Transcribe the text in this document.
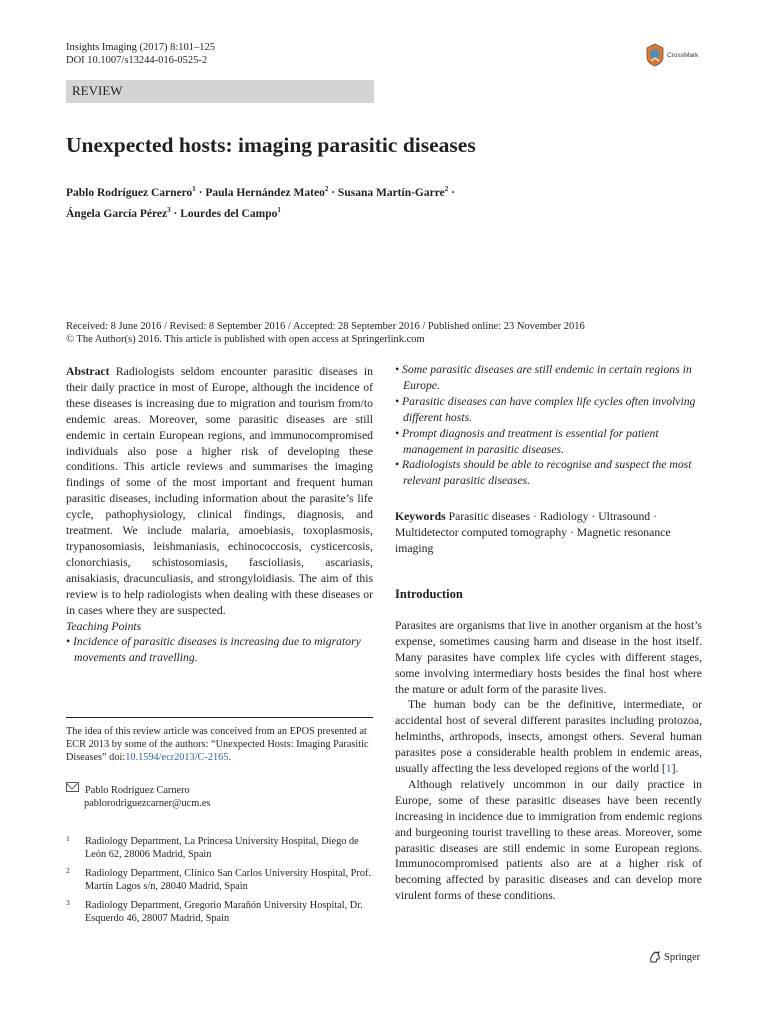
Insights Imaging (2017) 8:101–125
DOI 10.1007/s13244-016-0525-2	CrossMark
REVIEW
Unexpected hosts: imaging parasitic diseases
Pablo Rodríguez Carnero$^1$ · Paula Hernández Mateo$^2$ · Susana Martín-Garre$^2$ ·
Ángela García Pérez$^3$ · Lourdes del Campo$^1$
Received: 8 June 2016 / Revised: 8 September 2016 / Accepted: 28 September 2016 / Published online: 23 November 2016
© The Author(s) 2016. This article is published with open access at Springerlink.com
Abstract Radiologists seldom encounter parasitic diseases in their daily practice in most of Europe, although the incidence of these diseases is increasing due to migration and tourism from/to endemic areas. Moreover, some parasitic diseases are still endemic in certain European regions, and immunocompromised individuals also pose a higher risk of developing these conditions. This article reviews and summarises the imaging findings of some of the most important and frequent human parasitic diseases, including information about the parasite’s life cycle, pathophysiology, clinical findings, diagnosis, and treatment. We include malaria, amoebiasis, toxoplasmosis, trypanosomiasis, leishmaniasis, echinococcosis, cysticercosis, clonorchiasis, schistosomiasis, fascioliasis, ascariasis, anisakiasis, dracunculiasis, and strongyloidiasis. The aim of this review is to help radiologists when dealing with these diseases or in cases where they are suspected.
Teaching Points
• Incidence of parasitic diseases is increasing due to migratory movements and travelling.
The idea of this review article was conceived from an EPOS presented at ECR 2013 by some of the authors: “Unexpected Hosts: Imaging Parasitic Diseases” doi:10.1594/ecr2013/C-2165.
Pablo Rodríguez Carnero
pablorodriguezcarner@ucm.es
1 Radiology Department, La Princesa University Hospital, Diego de León 62, 28006 Madrid, Spain
2 Radiology Department, Clínico San Carlos University Hospital, Prof. Martín Lagos s/n, 28040 Madrid, Spain
3 Radiology Department, Gregorio Marañón University Hospital, Dr. Esquerdo 46, 28007 Madrid, Spain
• Some parasitic diseases are still endemic in certain regions in Europe.
• Parasitic diseases can have complex life cycles often involving different hosts.
• Prompt diagnosis and treatment is essential for patient management in parasitic diseases.
• Radiologists should be able to recognise and suspect the most relevant parasitic diseases.
Keywords Parasitic diseases · Radiology · Ultrasound · Multidetector computed tomography · Magnetic resonance imaging
Introduction
Parasites are organisms that live in another organism at the host’s expense, sometimes causing harm and disease in the host itself. Many parasites have complex life cycles with different stages, some involving intermediary hosts besides the final host where the mature or adult form of the parasite lives.
The human body can be the definitive, intermediate, or accidental host of several different parasites including protozoa, helminths, arthropods, insects, amongst others. Several human parasites pose a considerable health problem in endemic areas, usually affecting the less developed regions of the world [1].
Although relatively uncommon in our daily practice in Europe, some of these parasitic diseases have been recently increasing in incidence due to immigration from endemic regions and burgeoning tourist travelling to these areas. Moreover, some parasitic diseases are still endemic in some European regions. Immunocompromised patients also are at a higher risk of becoming affected by parasitic diseases and can develop more virulent forms of these conditions.
Springer
